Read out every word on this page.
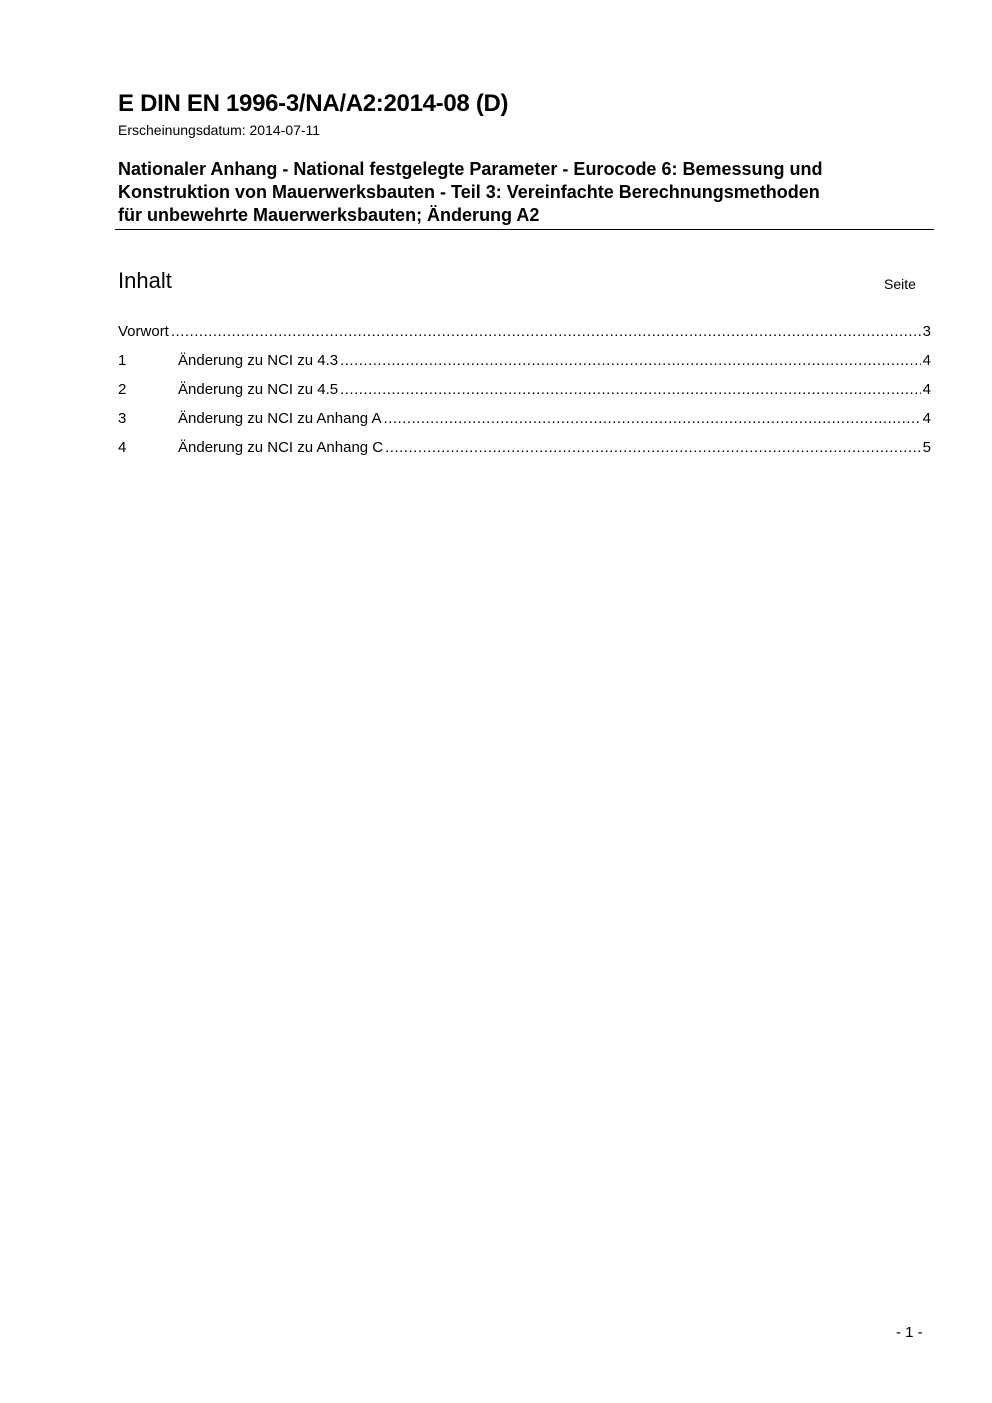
E DIN EN 1996-3/NA/A2:2014-08 (D)
Erscheinungsdatum: 2014-07-11
Nationaler Anhang - National festgelegte Parameter - Eurocode 6: Bemessung und
Konstruktion von Mauerwerksbauten - Teil 3: Vereinfachte Berechnungsmethoden
für unbewehrte Mauerwerksbauten; Änderung A2
Inhalt	Seite
Vorwort .....	3
1	Änderung zu NCI zu 4.3 .....	4
2	Änderung zu NCI zu 4.5 .....	4
3	Änderung zu NCI zu Anhang A .....	4
4	Änderung zu NCI zu Anhang C .....	5
- 1 -
